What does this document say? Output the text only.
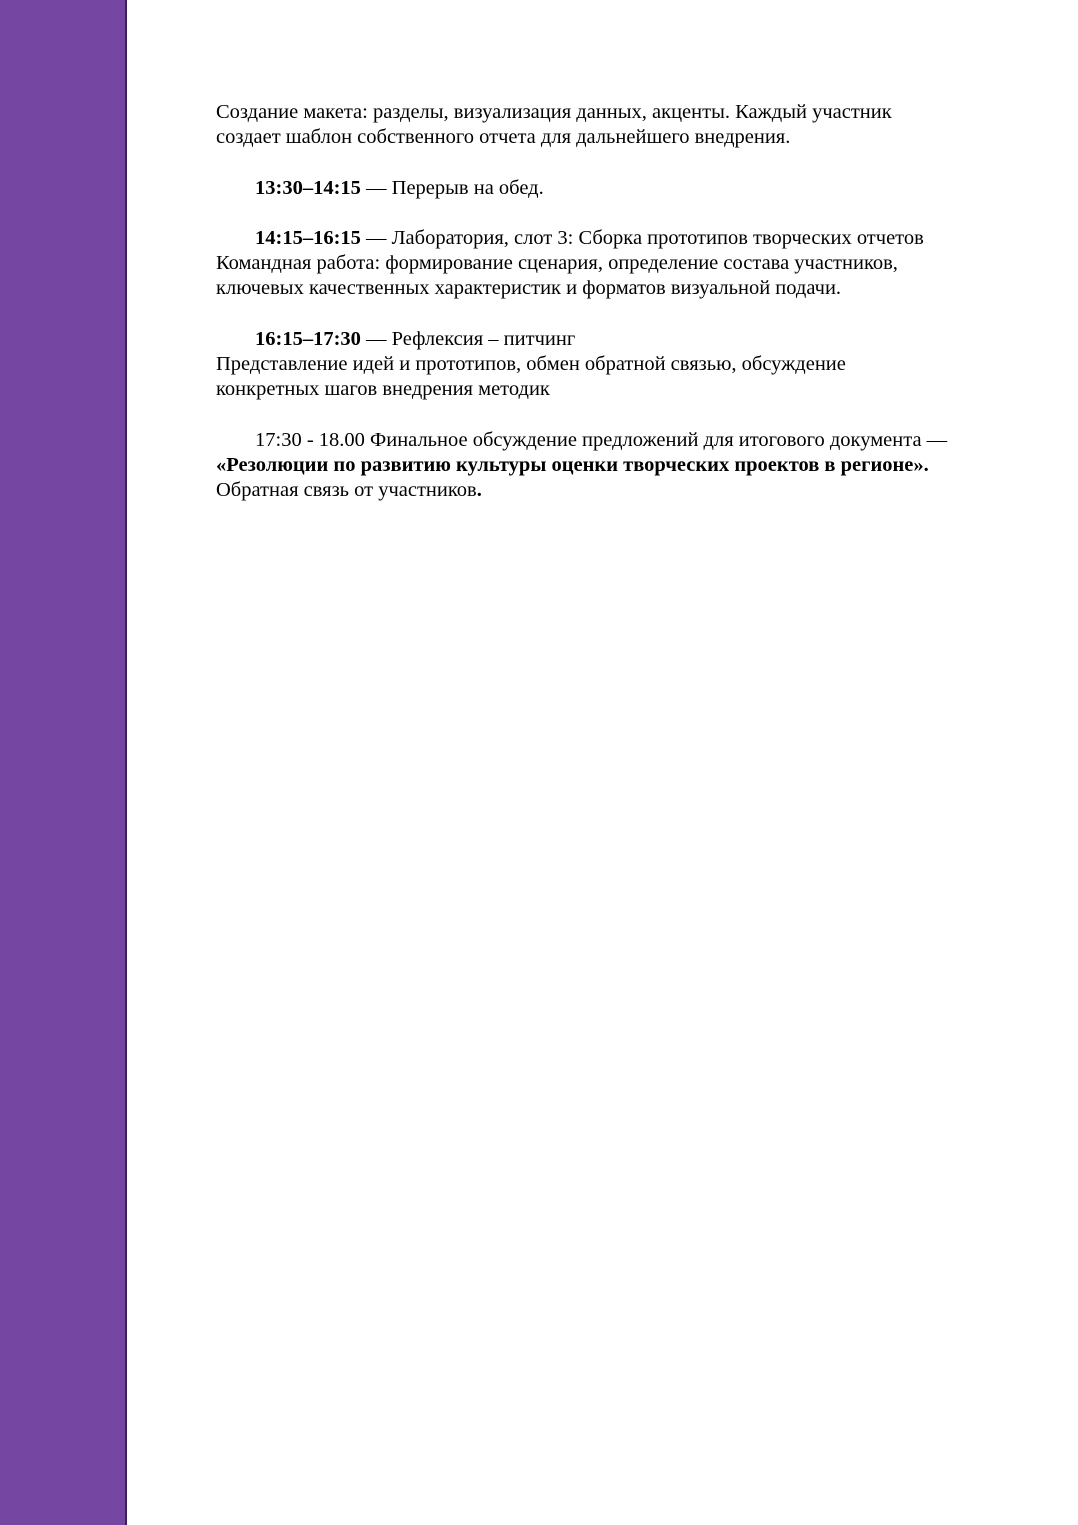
Создание макета: разделы, визуализация данных, акценты. Каждый участник
создает шаблон собственного отчета для дальнейшего внедрения.
13:30–14:15 — Перерыв на обед.
14:15–16:15 — Лаборатория, слот 3: Сборка прототипов творческих отчетов
Командная работа: формирование сценария, определение состава участников,
ключевых качественных характеристик и форматов визуальной подачи.
16:15–17:30 — Рефлексия – питчинг
Представление идей и прототипов, обмен обратной связью, обсуждение
конкретных шагов внедрения методик
17:30 - 18.00 Финальное обсуждение предложений для итогового документа —
«Резолюции по развитию культуры оценки творческих проектов в регионе».
Обратная связь от участников.
